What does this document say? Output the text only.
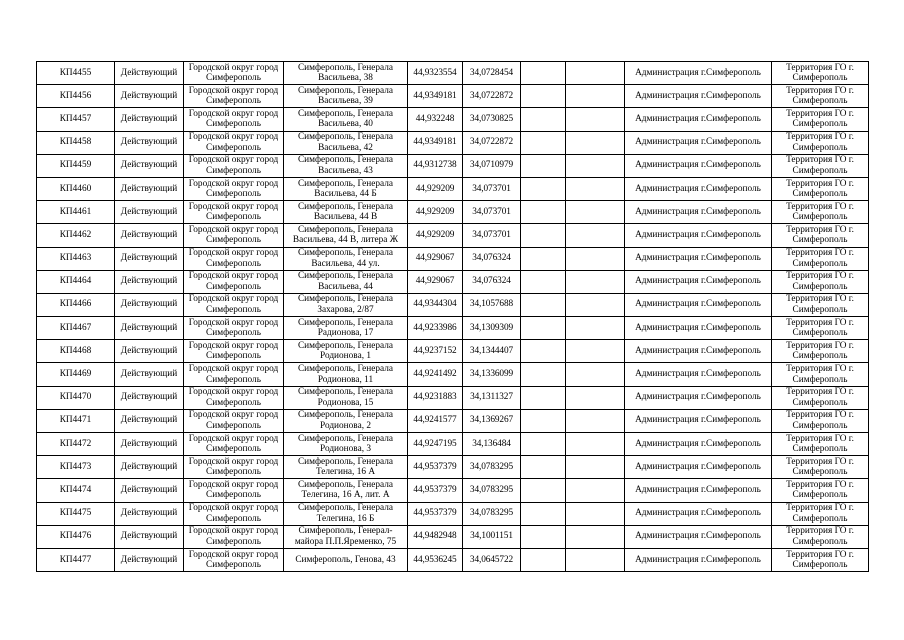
КП4455	Действующий	Городской округ город Симферополь	Симферополь, Генерала Васильева, 38	44,9323554	34,0728454			Администрация г.Симферополь	Территория ГО г. Симферополь
КП4456	Действующий	Городской округ город Симферополь	Симферополь, Генерала Васильева, 39	44,9349181	34,0722872			Администрация г.Симферополь	Территория ГО г. Симферополь
КП4457	Действующий	Городской округ город Симферополь	Симферополь, Генерала Васильева, 40	44,932248	34,0730825			Администрация г.Симферополь	Территория ГО г. Симферополь
КП4458	Действующий	Городской округ город Симферополь	Симферополь, Генерала Васильева, 42	44,9349181	34,0722872			Администрация г.Симферополь	Территория ГО г. Симферополь
КП4459	Действующий	Городской округ город Симферополь	Симферополь, Генерала Васильева, 43	44,9312738	34,0710979			Администрация г.Симферополь	Территория ГО г. Симферополь
КП4460	Действующий	Городской округ город Симферополь	Симферополь, Генерала Васильева, 44 Б	44,929209	34,073701			Администрация г.Симферополь	Территория ГО г. Симферополь
КП4461	Действующий	Городской округ город Симферополь	Симферополь, Генерала Васильева, 44 В	44,929209	34,073701			Администрация г.Симферополь	Территория ГО г. Симферополь
КП4462	Действующий	Городской округ город Симферополь	Симферополь, Генерала Васильева, 44 В, литера Ж	44,929209	34,073701			Администрация г.Симферополь	Территория ГО г. Симферополь
КП4463	Действующий	Городской округ город Симферополь	Симферополь, Генерала Васильева, 44 ул.	44,929067	34,076324			Администрация г.Симферополь	Территория ГО г. Симферополь
КП4464	Действующий	Городской округ город Симферополь	Симферополь, Генерала Васильева, 44	44,929067	34,076324			Администрация г.Симферополь	Территория ГО г. Симферополь
КП4466	Действующий	Городской округ город Симферополь	Симферополь, Генерала Захарова, 2/87	44,9344304	34,1057688			Администрация г.Симферополь	Территория ГО г. Симферополь
КП4467	Действующий	Городской округ город Симферополь	Симферополь, Генерала Радионова, 17	44,9233986	34,1309309			Администрация г.Симферополь	Территория ГО г. Симферополь
КП4468	Действующий	Городской округ город Симферополь	Симферополь, Генерала Родионова, 1	44,9237152	34,1344407			Администрация г.Симферополь	Территория ГО г. Симферополь
КП4469	Действующий	Городской округ город Симферополь	Симферополь, Генерала Родионова, 11	44,9241492	34,1336099			Администрация г.Симферополь	Территория ГО г. Симферополь
КП4470	Действующий	Городской округ город Симферополь	Симферополь, Генерала Родионова, 15	44,9231883	34,1311327			Администрация г.Симферополь	Территория ГО г. Симферополь
КП4471	Действующий	Городской округ город Симферополь	Симферополь, Генерала Родионова, 2	44,9241577	34,1369267			Администрация г.Симферополь	Территория ГО г. Симферополь
КП4472	Действующий	Городской округ город Симферополь	Симферополь, Генерала Родионова, 3	44,9247195	34,136484			Администрация г.Симферополь	Территория ГО г. Симферополь
КП4473	Действующий	Городской округ город Симферополь	Симферополь, Генерала Телегина, 16 А	44,9537379	34,0783295			Администрация г.Симферополь	Территория ГО г. Симферополь
КП4474	Действующий	Городской округ город Симферополь	Симферополь, Генерала Телегина, 16 А, лит. А	44,9537379	34,0783295			Администрация г.Симферополь	Территория ГО г. Симферополь
КП4475	Действующий	Городской округ город Симферополь	Симферополь, Генерала Телегина, 16 Б	44,9537379	34,0783295			Администрация г.Симферополь	Территория ГО г. Симферополь
КП4476	Действующий	Городской округ город Симферополь	Симферополь, Генерал-майора П.П.Яременко, 75	44,9482948	34,1001151			Администрация г.Симферополь	Территория ГО г. Симферополь
КП4477	Действующий	Городской округ город Симферополь	Симферополь, Генова, 43	44,9536245	34,0645722			Администрация г.Симферополь	Территория ГО г. Симферополь
